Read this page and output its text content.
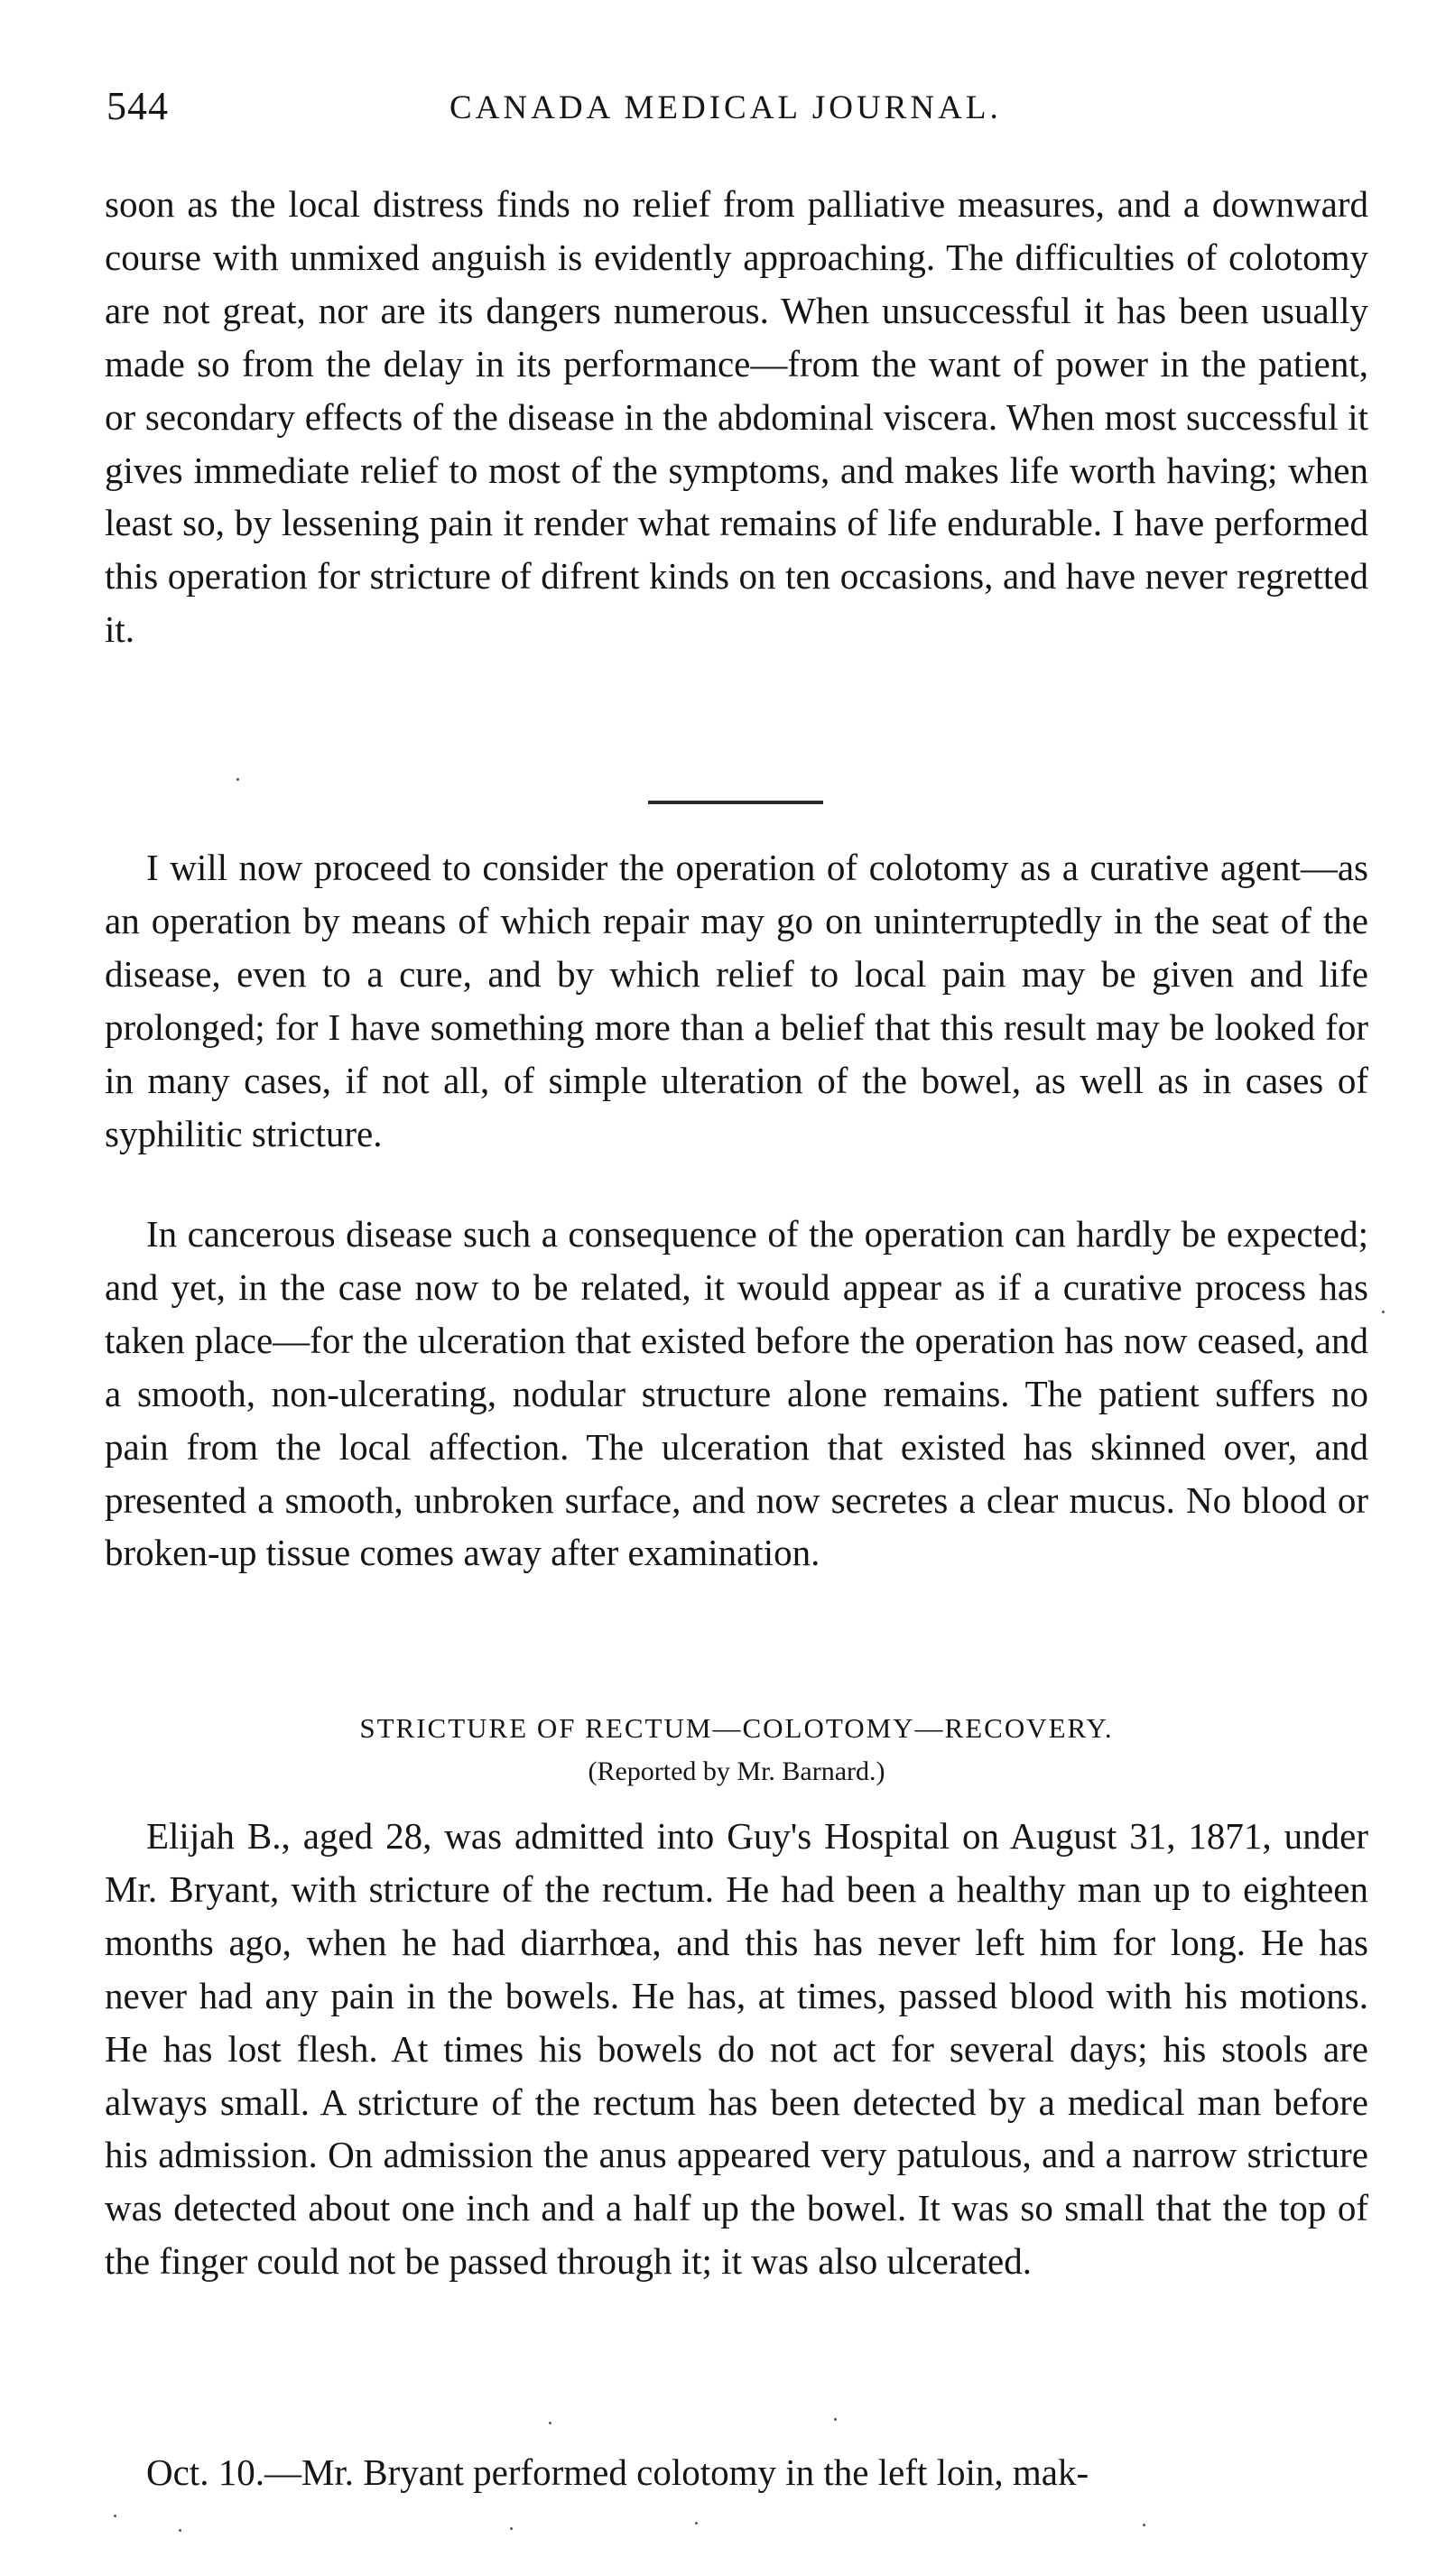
544	CANADA MEDICAL JOURNAL.

soon as the local distress finds no relief from palliative measures, and a downward course with unmixed anguish is evidently approaching. The difficulties of colotomy are not great, nor are its dangers numerous. When unsuccessful it has been usually made so from the delay in its performance—from the want of power in the patient, or secondary effects of the disease in the abdominal viscera. When most successful it gives immediate relief to most of the symptoms, and makes life worth having; when least so, by lessening pain it render what remains of life endurable. I have performed this operation for stricture of difrent kinds on ten occasions, and have never regretted it.

I will now proceed to consider the operation of colotomy as a curative agent—as an operation by means of which repair may go on uninterruptedly in the seat of the disease, even to a cure, and by which relief to local pain may be given and life prolonged; for I have something more than a belief that this result may be looked for in many cases, if not all, of simple ulteration of the bowel, as well as in cases of syphilitic stricture.

In cancerous disease such a consequence of the operation can hardly be expected; and yet, in the case now to be related, it would appear as if a curative process has taken place—for the ulceration that existed before the operation has now ceased, and a smooth, non-ulcerating, nodular structure alone remains. The patient suffers no pain from the local affection. The ulceration that existed has skinned over, and presented a smooth, unbroken surface, and now secretes a clear mucus. No blood or broken-up tissue comes away after examination.

STRICTURE OF RECTUM—COLOTOMY—RECOVERY.
(Reported by Mr. Barnard.)

Elijah B., aged 28, was admitted into Guy's Hospital on August 31, 1871, under Mr. Bryant, with stricture of the rectum. He had been a healthy man up to eighteen months ago, when he had diarrhœa, and this has never left him for long. He has never had any pain in the bowels. He has, at times, passed blood with his motions. He has lost flesh. At times his bowels do not act for several days; his stools are always small. A stricture of the rectum has been detected by a medical man before his admission. On admission the anus appeared very patulous, and a narrow stricture was detected about one inch and a half up the bowel. It was so small that the top of the finger could not be passed through it; it was also ulcerated.

Oct. 10.—Mr. Bryant performed colotomy in the left loin, mak-
